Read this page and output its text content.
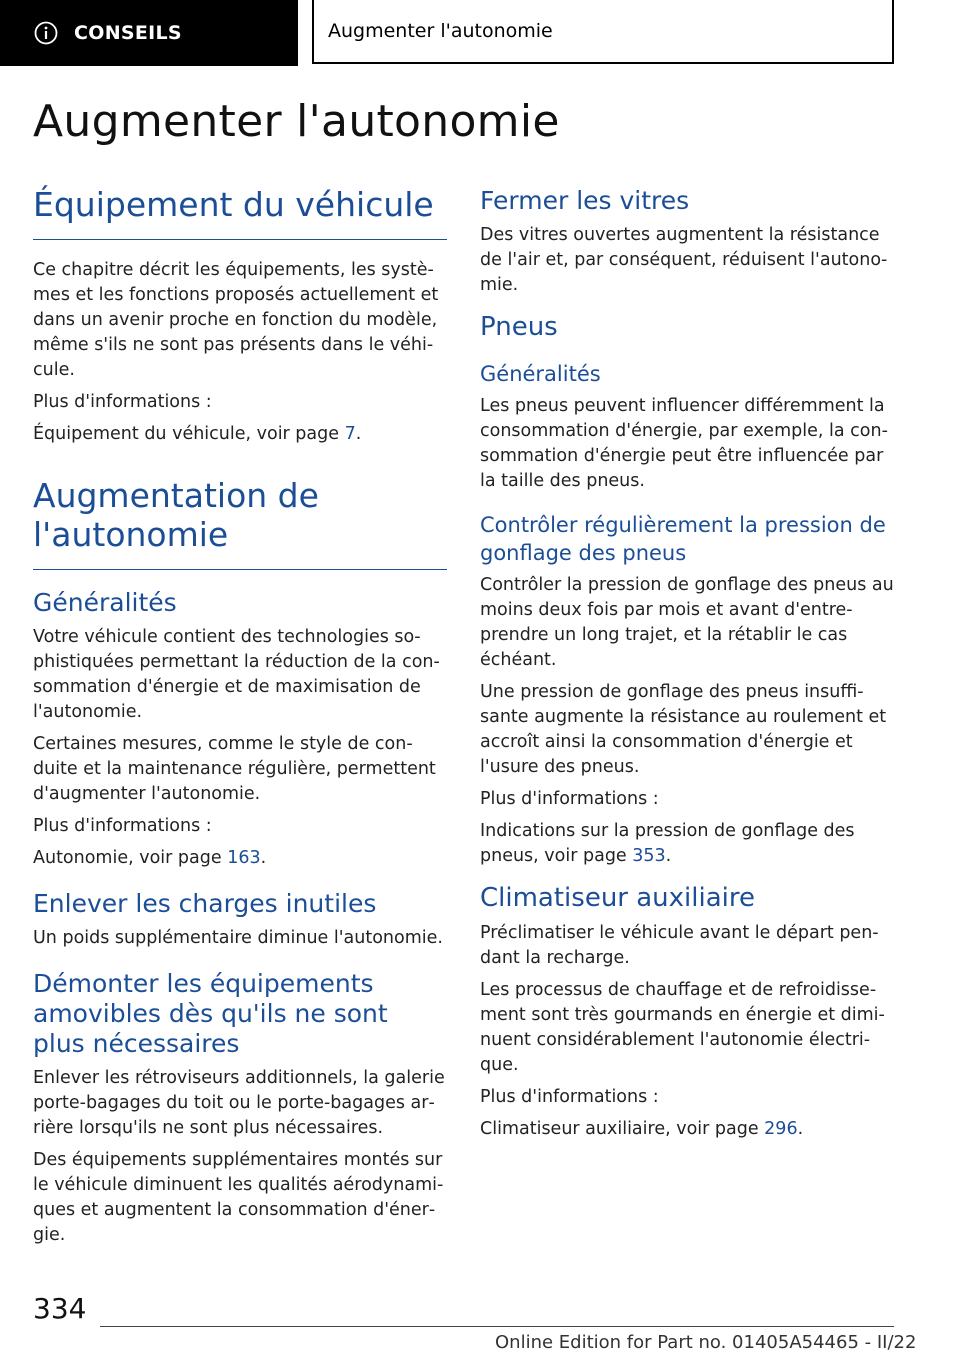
CONSEILS	Augmenter l'autonomie
Augmenter l'autonomie
Équipement du véhicule

Ce chapitre décrit les équipements, les systèmes et les fonctions proposés actuellement et dans un avenir proche en fonction du modèle, même s'ils ne sont pas présents dans le véhicule.

Plus d'informations :

Équipement du véhicule, voir page 7.

Augmentation de l'autonomie
Généralités

Votre véhicule contient des technologies sophistiquées permettant la réduction de la consommation d'énergie et de maximisation de l'autonomie.

Certaines mesures, comme le style de conduite et la maintenance régulière, permettent d'augmenter l'autonomie.

Plus d'informations :

Autonomie, voir page 163.

Enlever les charges inutiles

Un poids supplémentaire diminue l'autonomie.

Démonter les équipements amovibles dès qu'ils ne sont plus nécessaires

Enlever les rétroviseurs additionnels, la galerie porte-bagages du toit ou le porte-bagages arrière lorsqu'ils ne sont plus nécessaires.

Des équipements supplémentaires montés sur le véhicule diminuent les qualités aérodynamiques et augmentent la consommation d'énergie.

Fermer les vitres

Des vitres ouvertes augmentent la résistance de l'air et, par conséquent, réduisent l'autonomie.

Pneus
Généralités

Les pneus peuvent influencer différemment la consommation d'énergie, par exemple, la consommation d'énergie peut être influencée par la taille des pneus.

Contrôler régulièrement la pression de gonflage des pneus

Contrôler la pression de gonflage des pneus au moins deux fois par mois et avant d'entreprendre un long trajet, et la rétablir le cas échéant.

Une pression de gonflage des pneus insuffisante augmente la résistance au roulement et accroît ainsi la consommation d'énergie et l'usure des pneus.

Plus d'informations :

Indications sur la pression de gonflage des pneus, voir page 353.

Climatiseur auxiliaire

Préclimatiser le véhicule avant le départ pendant la recharge.

Les processus de chauffage et de refroidissement sont très gourmands en énergie et diminuent considérablement l'autonomie électrique.

Plus d'informations :

Climatiseur auxiliaire, voir page 296.

334
Online Edition for Part no. 01405A54465 - II/22
